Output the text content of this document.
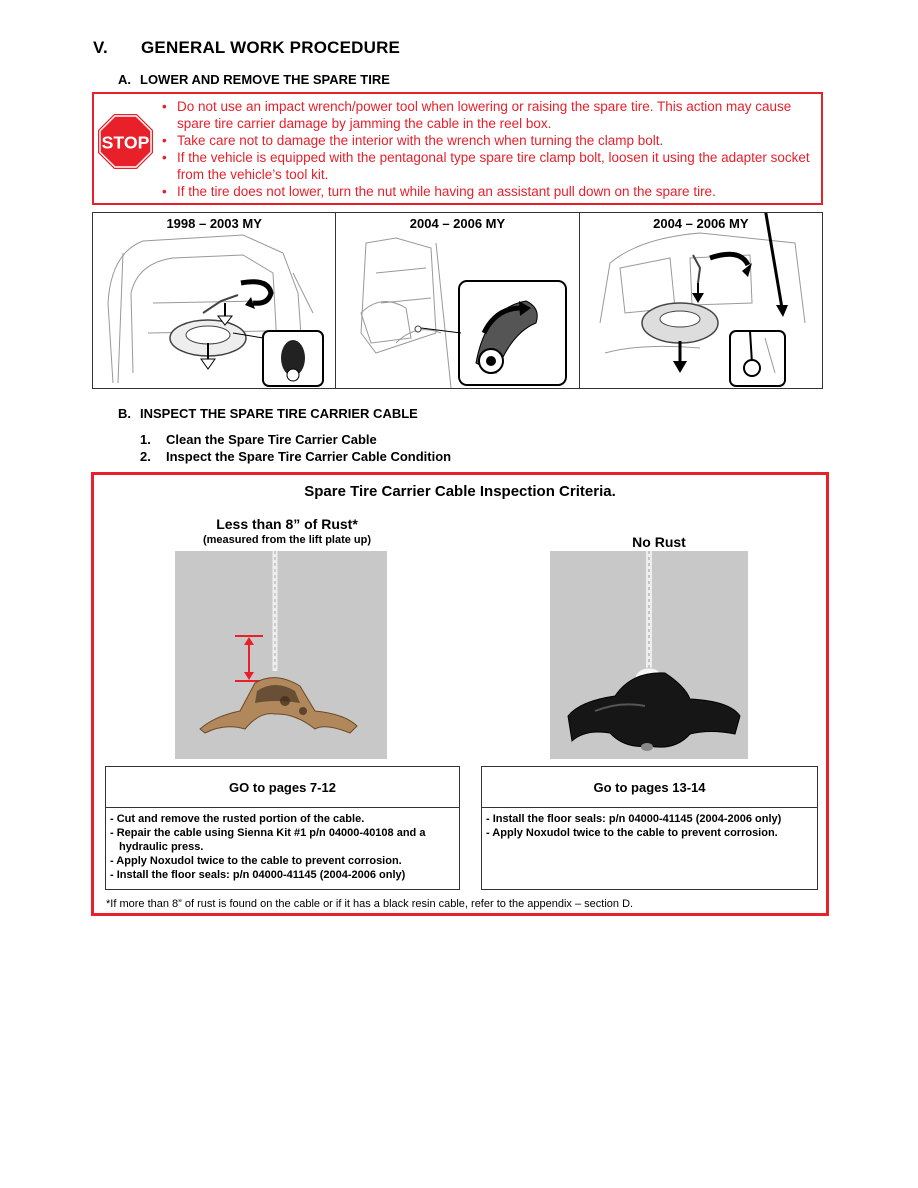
V. GENERAL WORK PROCEDURE
A. LOWER AND REMOVE THE SPARE TIRE
STOP
• Do not use an impact wrench/power tool when lowering or raising the spare tire. This action may cause spare tire carrier damage by jamming the cable in the reel box.
• Take care not to damage the interior with the wrench when turning the clamp bolt.
• If the vehicle is equipped with the pentagonal type spare tire clamp bolt, loosen it using the adapter socket from the vehicle’s tool kit.
• If the tire does not lower, turn the nut while having an assistant pull down on the spare tire.
1998 – 2003 MY	2004 – 2006 MY	2004 – 2006 MY
B. INSPECT THE SPARE TIRE CARRIER CABLE
1. Clean the Spare Tire Carrier Cable
2. Inspect the Spare Tire Carrier Cable Condition
Spare Tire Carrier Cable Inspection Criteria.
Less than 8” of Rust*
(measured from the lift plate up)	No Rust
GO to pages 7-12
- Cut and remove the rusted portion of the cable.
- Repair the cable using Sienna Kit #1 p/n 04000-40108 and a hydraulic press.
- Apply Noxudol twice to the cable to prevent corrosion.
- Install the floor seals: p/n 04000-41145 (2004-2006 only)
Go to pages 13-14
- Install the floor seals: p/n 04000-41145 (2004-2006 only)
- Apply Noxudol twice to the cable to prevent corrosion.
*If more than 8” of rust is found on the cable or if it has a black resin cable, refer to the appendix – section D.
